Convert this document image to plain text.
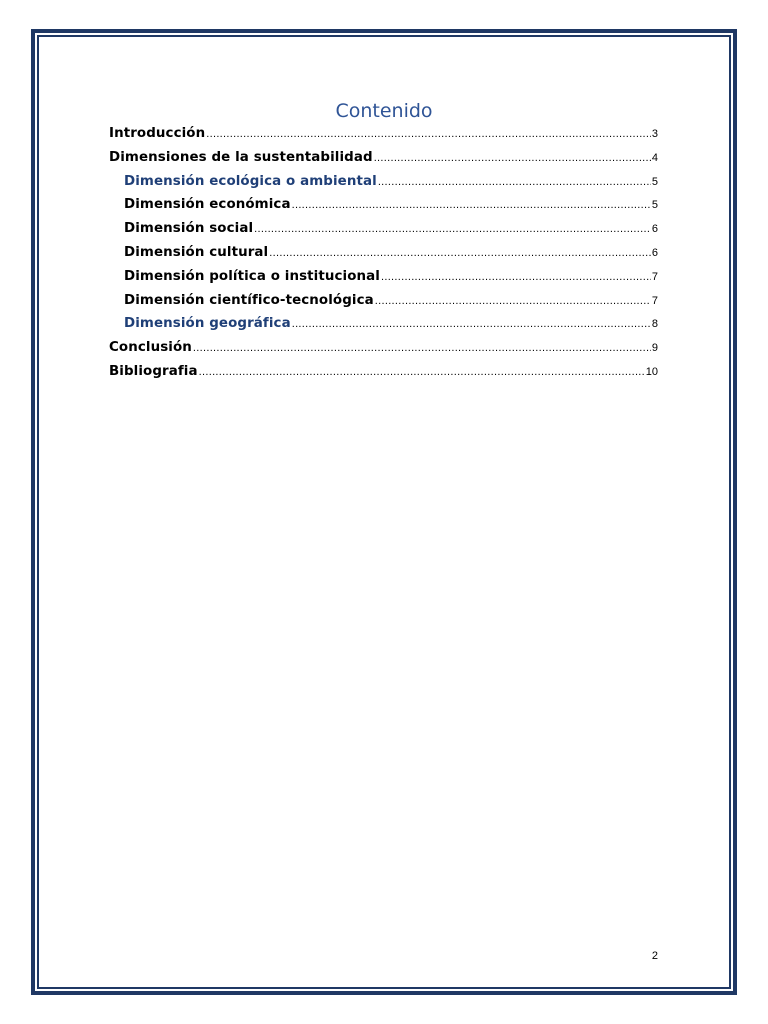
Contenido
Introducción .....	3
Dimensiones de la sustentabilidad .....	4
Dimensión ecológica o ambiental .....	5
Dimensión económica .....	5
Dimensión social .....	6
Dimensión cultural .....	6
Dimensión política o institucional .....	7
Dimensión científico-tecnológica .....	7
Dimensión geográfica .....	8
Conclusión .....	9
Bibliografia .....	10
2
